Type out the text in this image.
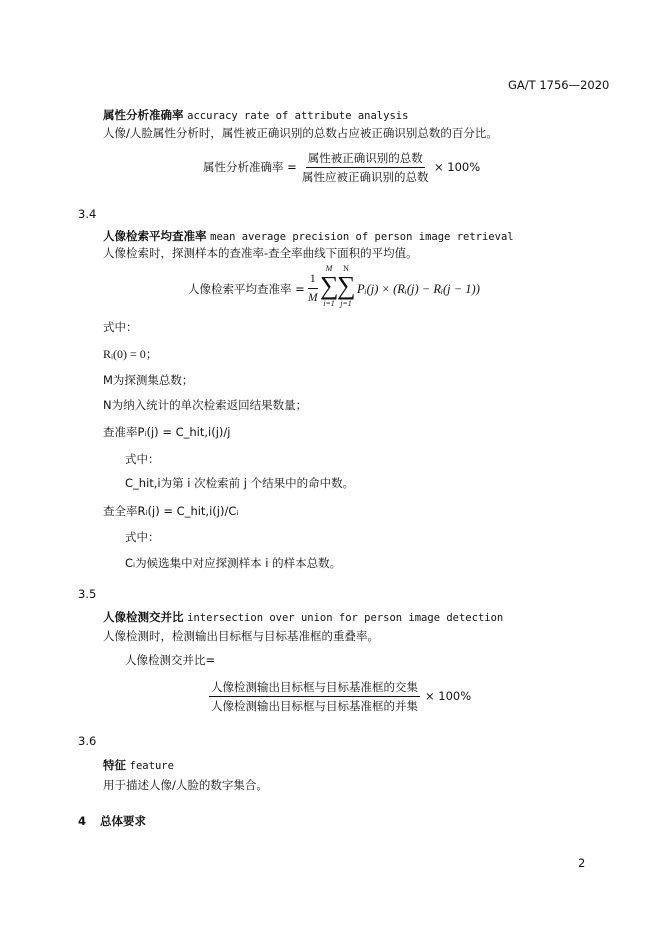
GA/T 1756—2020
属性分析准确率 accuracy rate of attribute analysis
人像/人脸属性分析时，属性被正确识别的总数占应被正确识别总数的百分比。
属性分析准确率 =
属性被正确识别的总数
属性应被正确识别的总数
× 100%
3.4
人像检索平均查准率 mean average precision of person image retrieval
人像检索时，探测样本的查准率-查全率曲线下面积的平均值。
人像检索平均查准率 = $\frac{1}{M}$
M
∑
i=1
N
∑
j=1
Pᵢ(j) × (Rᵢ(j) − Rᵢ(j − 1))
式中：
Rᵢ(0) = 0；
M为探测集总数；
N为纳入统计的单次检索返回结果数量；
查准率Pᵢ(j) = C_hit,i(j)/j
式中：
C_hit,i为第 i 次检索前 j 个结果中的命中数。
查全率Rᵢ(j) = C_hit,i(j)/Cᵢ
式中：
Cᵢ为候选集中对应探测样本 i 的样本总数。
3.5
人像检测交并比 intersection over union for person image detection
人像检测时，检测输出目标框与目标基准框的重叠率。
人像检测交并比=
人像检测输出目标框与目标基准框的交集
人像检测输出目标框与目标基准框的并集
× 100%
3.6
特征 feature
用于描述人像/人脸的数字集合。
4 总体要求
2
